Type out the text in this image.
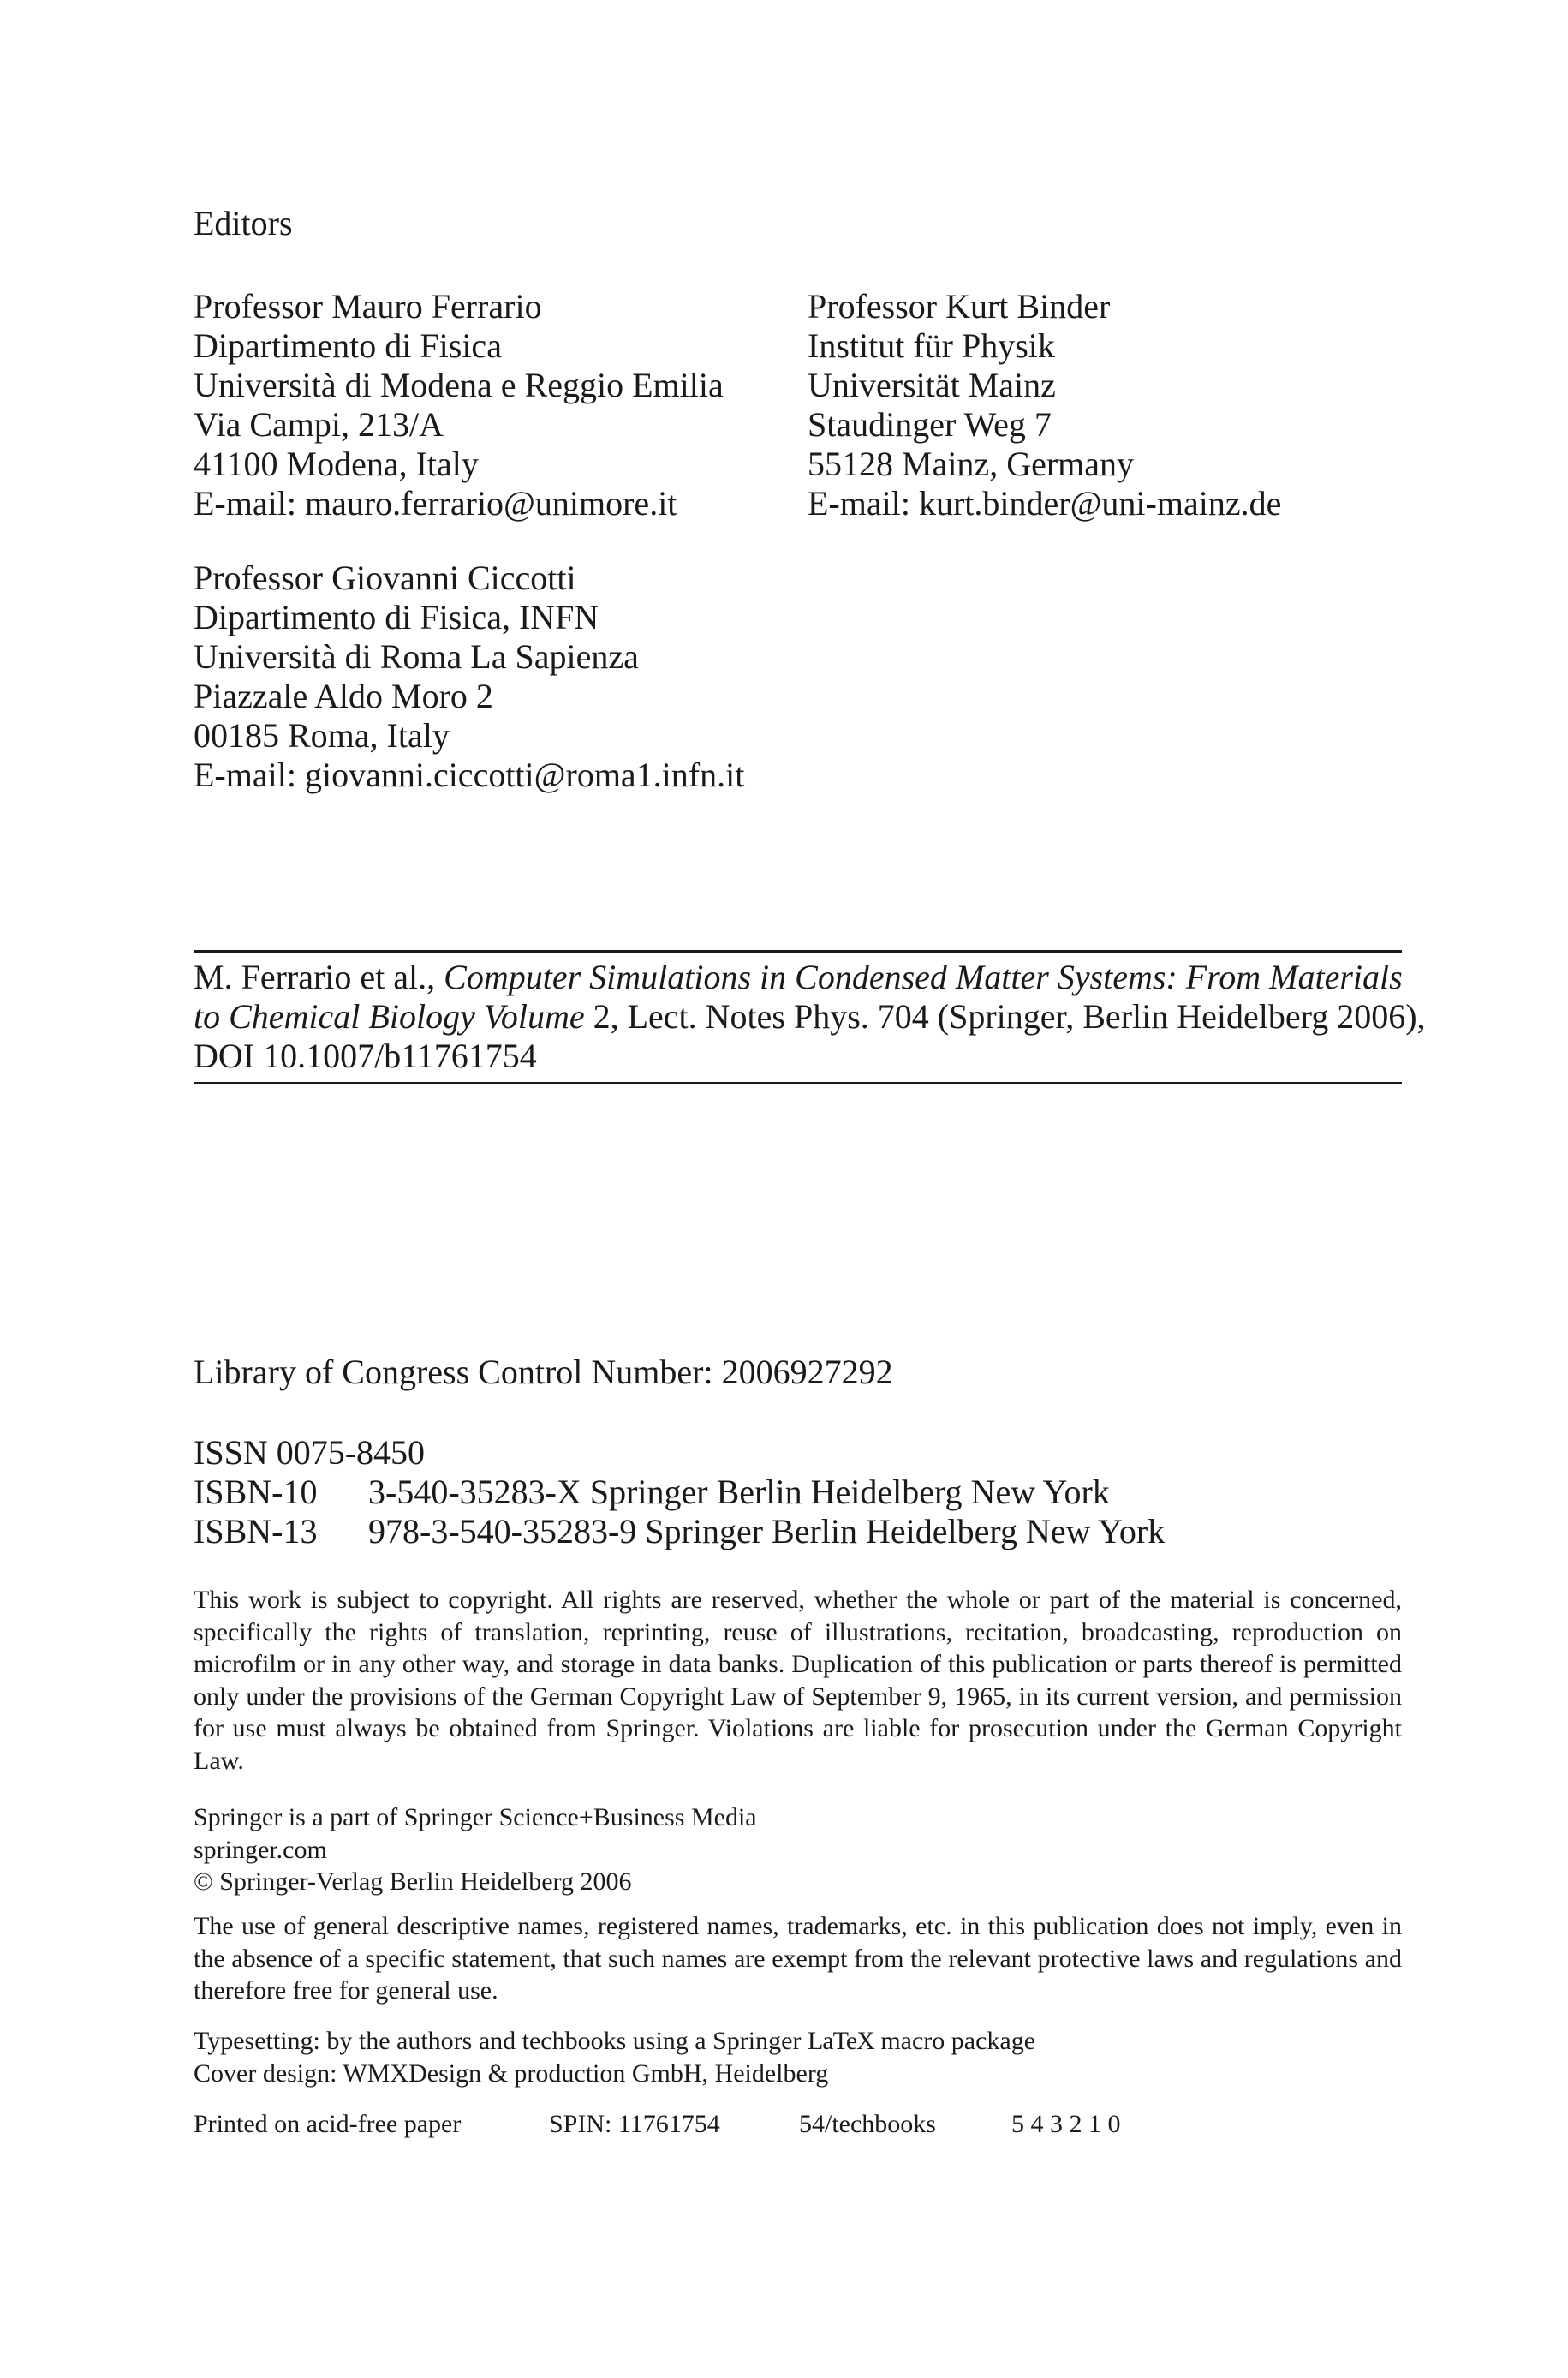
Editors
Professor Mauro Ferrario
Dipartimento di Fisica
Università di Modena e Reggio Emilia
Via Campi, 213/A
41100 Modena, Italy
E-mail: mauro.ferrario@unimore.it
Professor Kurt Binder
Institut für Physik
Universität Mainz
Staudinger Weg 7
55128 Mainz, Germany
E-mail: kurt.binder@uni-mainz.de
Professor Giovanni Ciccotti
Dipartimento di Fisica, INFN
Università di Roma La Sapienza
Piazzale Aldo Moro 2
00185 Roma, Italy
E-mail: giovanni.ciccotti@roma1.infn.it
M. Ferrario et al., Computer Simulations in Condensed Matter Systems: From Materials
to Chemical Biology Volume 2, Lect. Notes Phys. 704 (Springer, Berlin Heidelberg 2006),
DOI 10.1007/b11761754
Library of Congress Control Number: 2006927292
ISSN 0075-8450
ISBN-10 3-540-35283-X Springer Berlin Heidelberg New York
ISBN-13 978-3-540-35283-9 Springer Berlin Heidelberg New York
This work is subject to copyright. All rights are reserved, whether the whole or part of the material is concerned, specifically the rights of translation, reprinting, reuse of illustrations, recitation, broadcasting, reproduction on microfilm or in any other way, and storage in data banks. Duplication of this publication or parts thereof is permitted only under the provisions of the German Copyright Law of September 9, 1965, in its current version, and permission for use must always be obtained from Springer. Violations are liable for prosecution under the German Copyright Law.
Springer is a part of Springer Science+Business Media
springer.com
© Springer-Verlag Berlin Heidelberg 2006
The use of general descriptive names, registered names, trademarks, etc. in this publication does not imply, even in the absence of a specific statement, that such names are exempt from the relevant protective laws and regulations and therefore free for general use.
Typesetting: by the authors and techbooks using a Springer LaTeX macro package
Cover design: WMXDesign & production GmbH, Heidelberg
Printed on acid-free paper	SPIN: 11761754	54/techbooks	5 4 3 2 1 0
